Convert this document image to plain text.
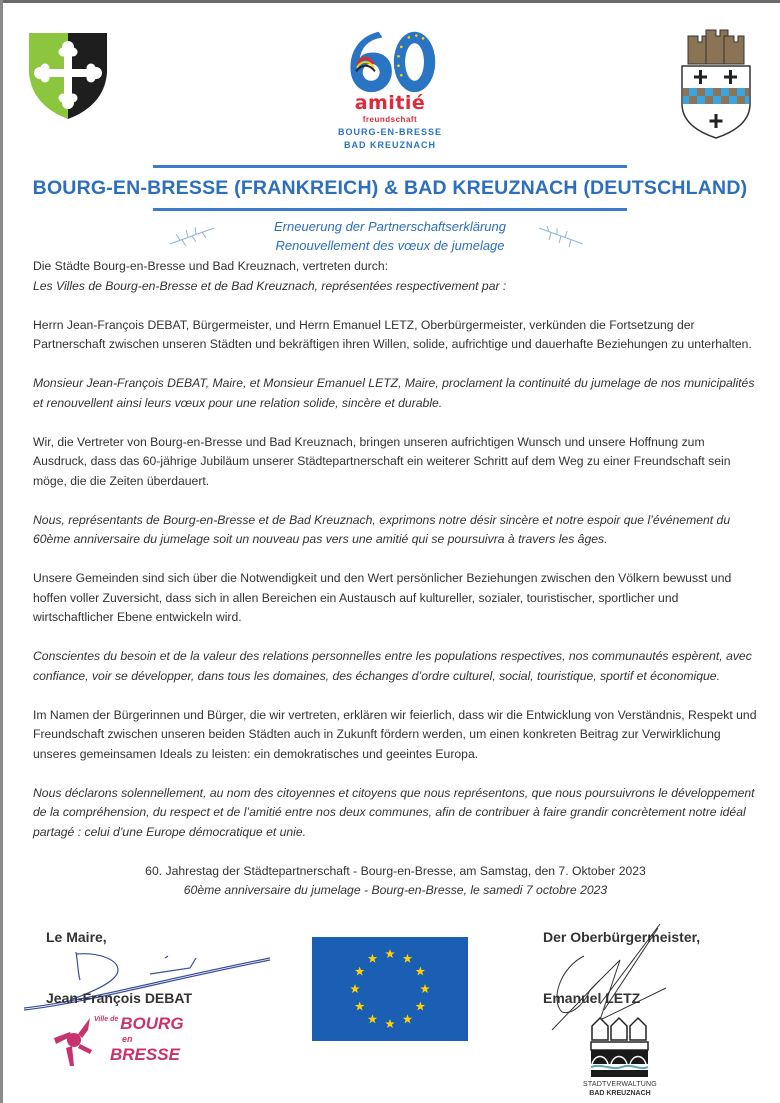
amitié
freundschaft
BOURG-EN-BRESSE
BAD KREUZNACH
BOURG-EN-BRESSE (FRANKREICH) & BAD KREUZNACH (DEUTSCHLAND)
Erneuerung der Partnerschaftserklärung
Renouvellement des vœux de jumelage

Die Städte Bourg-en-Bresse und Bad Kreuznach, vertreten durch:

Les Villes de Bourg-en-Bresse et de Bad Kreuznach, représentées respectivement par :

Herrn Jean-François DEBAT, Bürgermeister, und Herrn Emanuel LETZ, Oberbürgermeister, verkünden die Fortsetzung der Partnerschaft zwischen unseren Städten und bekräftigen ihren Willen, solide, aufrichtige und dauerhafte Beziehungen zu unterhalten.

Monsieur Jean-François DEBAT, Maire, et Monsieur Emanuel LETZ, Maire, proclament la continuité du jumelage de nos municipalités et renouvellent ainsi leurs vœux pour une relation solide, sincère et durable.

Wir, die Vertreter von Bourg-en-Bresse und Bad Kreuznach, bringen unseren aufrichtigen Wunsch und unsere Hoffnung zum Ausdruck, dass das 60-jährige Jubiläum unserer Städtepartnerschaft ein weiterer Schritt auf dem Weg zu einer Freundschaft sein möge, die die Zeiten überdauert.

Nous, représentants de Bourg-en-Bresse et de Bad Kreuznach, exprimons notre désir sincère et notre espoir que l’événement du 60ème anniversaire du jumelage soit un nouveau pas vers une amitié qui se poursuivra à travers les âges.

Unsere Gemeinden sind sich über die Notwendigkeit und den Wert persönlicher Beziehungen zwischen den Völkern bewusst und hoffen voller Zuversicht, dass sich in allen Bereichen ein Austausch auf kultureller, sozialer, touristischer, sportlicher und wirtschaftlicher Ebene entwickeln wird.

Conscientes du besoin et de la valeur des relations personnelles entre les populations respectives, nos communautés espèrent, avec confiance, voir se développer, dans tous les domaines, des échanges d’ordre culturel, social, touristique, sportif et économique.

Im Namen der Bürgerinnen und Bürger, die wir vertreten, erklären wir feierlich, dass wir die Entwicklung von Verständnis, Respekt und Freundschaft zwischen unseren beiden Städten auch in Zukunft fördern werden, um einen konkreten Beitrag zur Verwirklichung unseres gemeinsamen Ideals zu leisten: ein demokratisches und geeintes Europa.

Nous déclarons solennellement, au nom des citoyennes et citoyens que nous représentons, que nous poursuivrons le développement de la compréhension, du respect et de l’amitié entre nos deux communes, afin de contribuer à faire grandir concrètement notre idéal partagé : celui d’une Europe démocratique et unie.

60. Jahrestag der Städtepartnerschaft - Bourg-en-Bresse, am Samstag, den 7. Oktober 2023
60ème anniversaire du jumelage - Bourg-en-Bresse, le samedi 7 octobre 2023
Le Maire,
Jean-François DEBAT
Der Oberbürgermeister,
Emanuel LETZ
$^{Ville de}$ BOURG
en
BRESSE
STADTVERWALTUNG
BAD KREUZNACH
